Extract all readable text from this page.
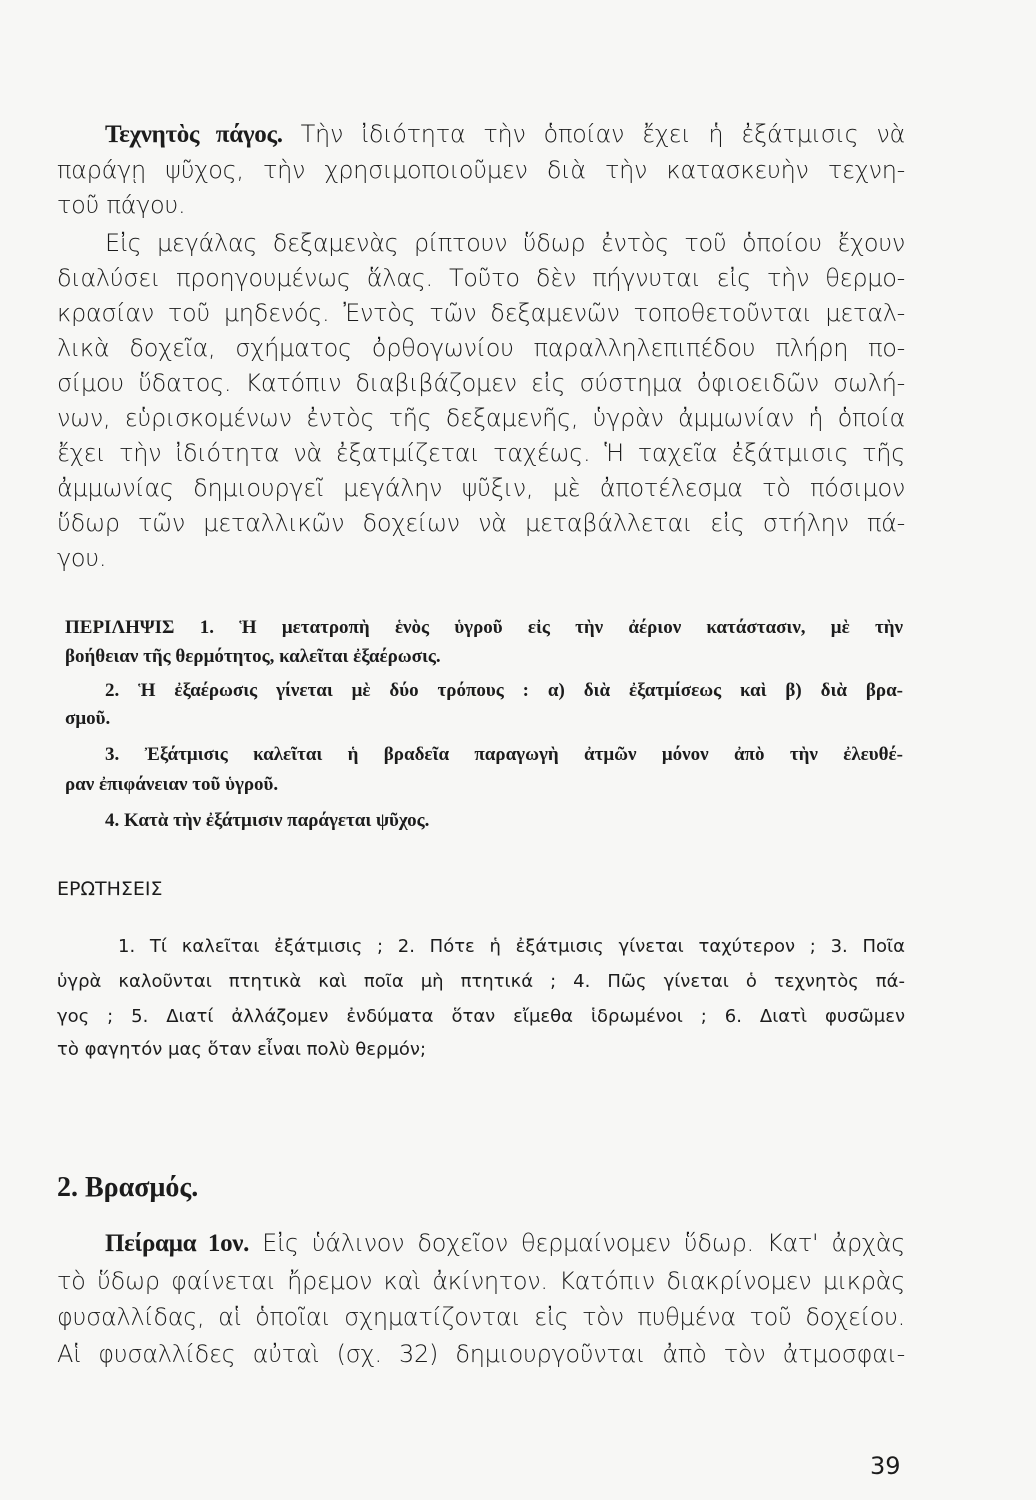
Τεχνητὸς πάγος. Τὴν ἰδιότητα τὴν ὁποίαν ἔχει ἡ ἐξάτμισις νὰ
παράγῃ ψῦχος, τὴν χρησιμοποιοῦμεν διὰ τὴν κατασκευὴν τεχνη-
τοῦ πάγου.
Εἰς μεγάλας δεξαμενὰς ρίπτουν ὕδωρ ἐντὸς τοῦ ὁποίου ἔχουν
διαλύσει προηγουμένως ἅλας. Τοῦτο δὲν πήγνυται εἰς τὴν θερμο-
κρασίαν τοῦ μηδενός. Ἐντὸς τῶν δεξαμενῶν τοποθετοῦνται μεταλ-
λικὰ δοχεῖα, σχήματος ὀρθογωνίου παραλληλεπιπέδου πλήρη πο-
σίμου ὕδατος. Κατόπιν διαβιβάζομεν εἰς σύστημα ὀφιοειδῶν σωλή-
νων, εὑρισκομένων ἐντὸς τῆς δεξαμενῆς, ὑγρὰν ἀμμωνίαν ἡ ὁποία
ἔχει τὴν ἰδιότητα νὰ ἐξατμίζεται ταχέως. Ἡ ταχεῖα ἐξάτμισις τῆς
ἀμμωνίας δημιουργεῖ μεγάλην ψῦξιν, μὲ ἀποτέλεσμα τὸ πόσιμον
ὕδωρ τῶν μεταλλικῶν δοχείων νὰ μεταβάλλεται εἰς στήλην πά-
γου.
ΠΕΡΙΛΗΨΙΣ 1. Ἡ μετατροπὴ ἑνὸς ὑγροῦ εἰς τὴν ἀέριον κατάστασιν, μὲ τὴν
βοήθειαν τῆς θερμότητος, καλεῖται ἐξαέρωσις.
2. Ἡ ἐξαέρωσις γίνεται μὲ δύο τρόπους : α) διὰ ἐξατμίσεως καὶ β) διὰ βρα-
σμοῦ.
3. Ἐξάτμισις καλεῖται ἡ βραδεῖα παραγωγὴ ἀτμῶν μόνον ἀπὸ τὴν ἐλευθέ-
ραν ἐπιφάνειαν τοῦ ὑγροῦ.
4. Κατὰ τὴν ἐξάτμισιν παράγεται ψῦχος.
ΕΡΩΤΗΣΕΙΣ
1. Τί καλεῖται ἐξάτμισις ; 2. Πότε ἡ ἐξάτμισις γίνεται ταχύτερον ; 3. Ποῖα
ὑγρὰ καλοῦνται πτητικὰ καὶ ποῖα μὴ πτητικά ; 4. Πῶς γίνεται ὁ τεχνητὸς πά-
γος ; 5. Διατί ἀλλάζομεν ἐνδύματα ὅταν εἴμεθα ἱδρωμένοι ; 6. Διατὶ φυσῶμεν
τὸ φαγητόν μας ὅταν εἶναι πολὺ θερμόν;
2. Βρασμός.
Πείραμα 1ον. Εἰς ὑάλινον δοχεῖον θερμαίνομεν ὕδωρ. Κατ' ἀρχὰς
τὸ ὕδωρ φαίνεται ἤρεμον καὶ ἀκίνητον. Κατόπιν διακρίνομεν μικρὰς
φυσαλλίδας, αἱ ὁποῖαι σχηματίζονται εἰς τὸν πυθμένα τοῦ δοχείου.
Αἱ φυσαλλίδες αὐταὶ (σχ. 32) δημιουργοῦνται ἀπὸ τὸν ἀτμοσφαι-
39
